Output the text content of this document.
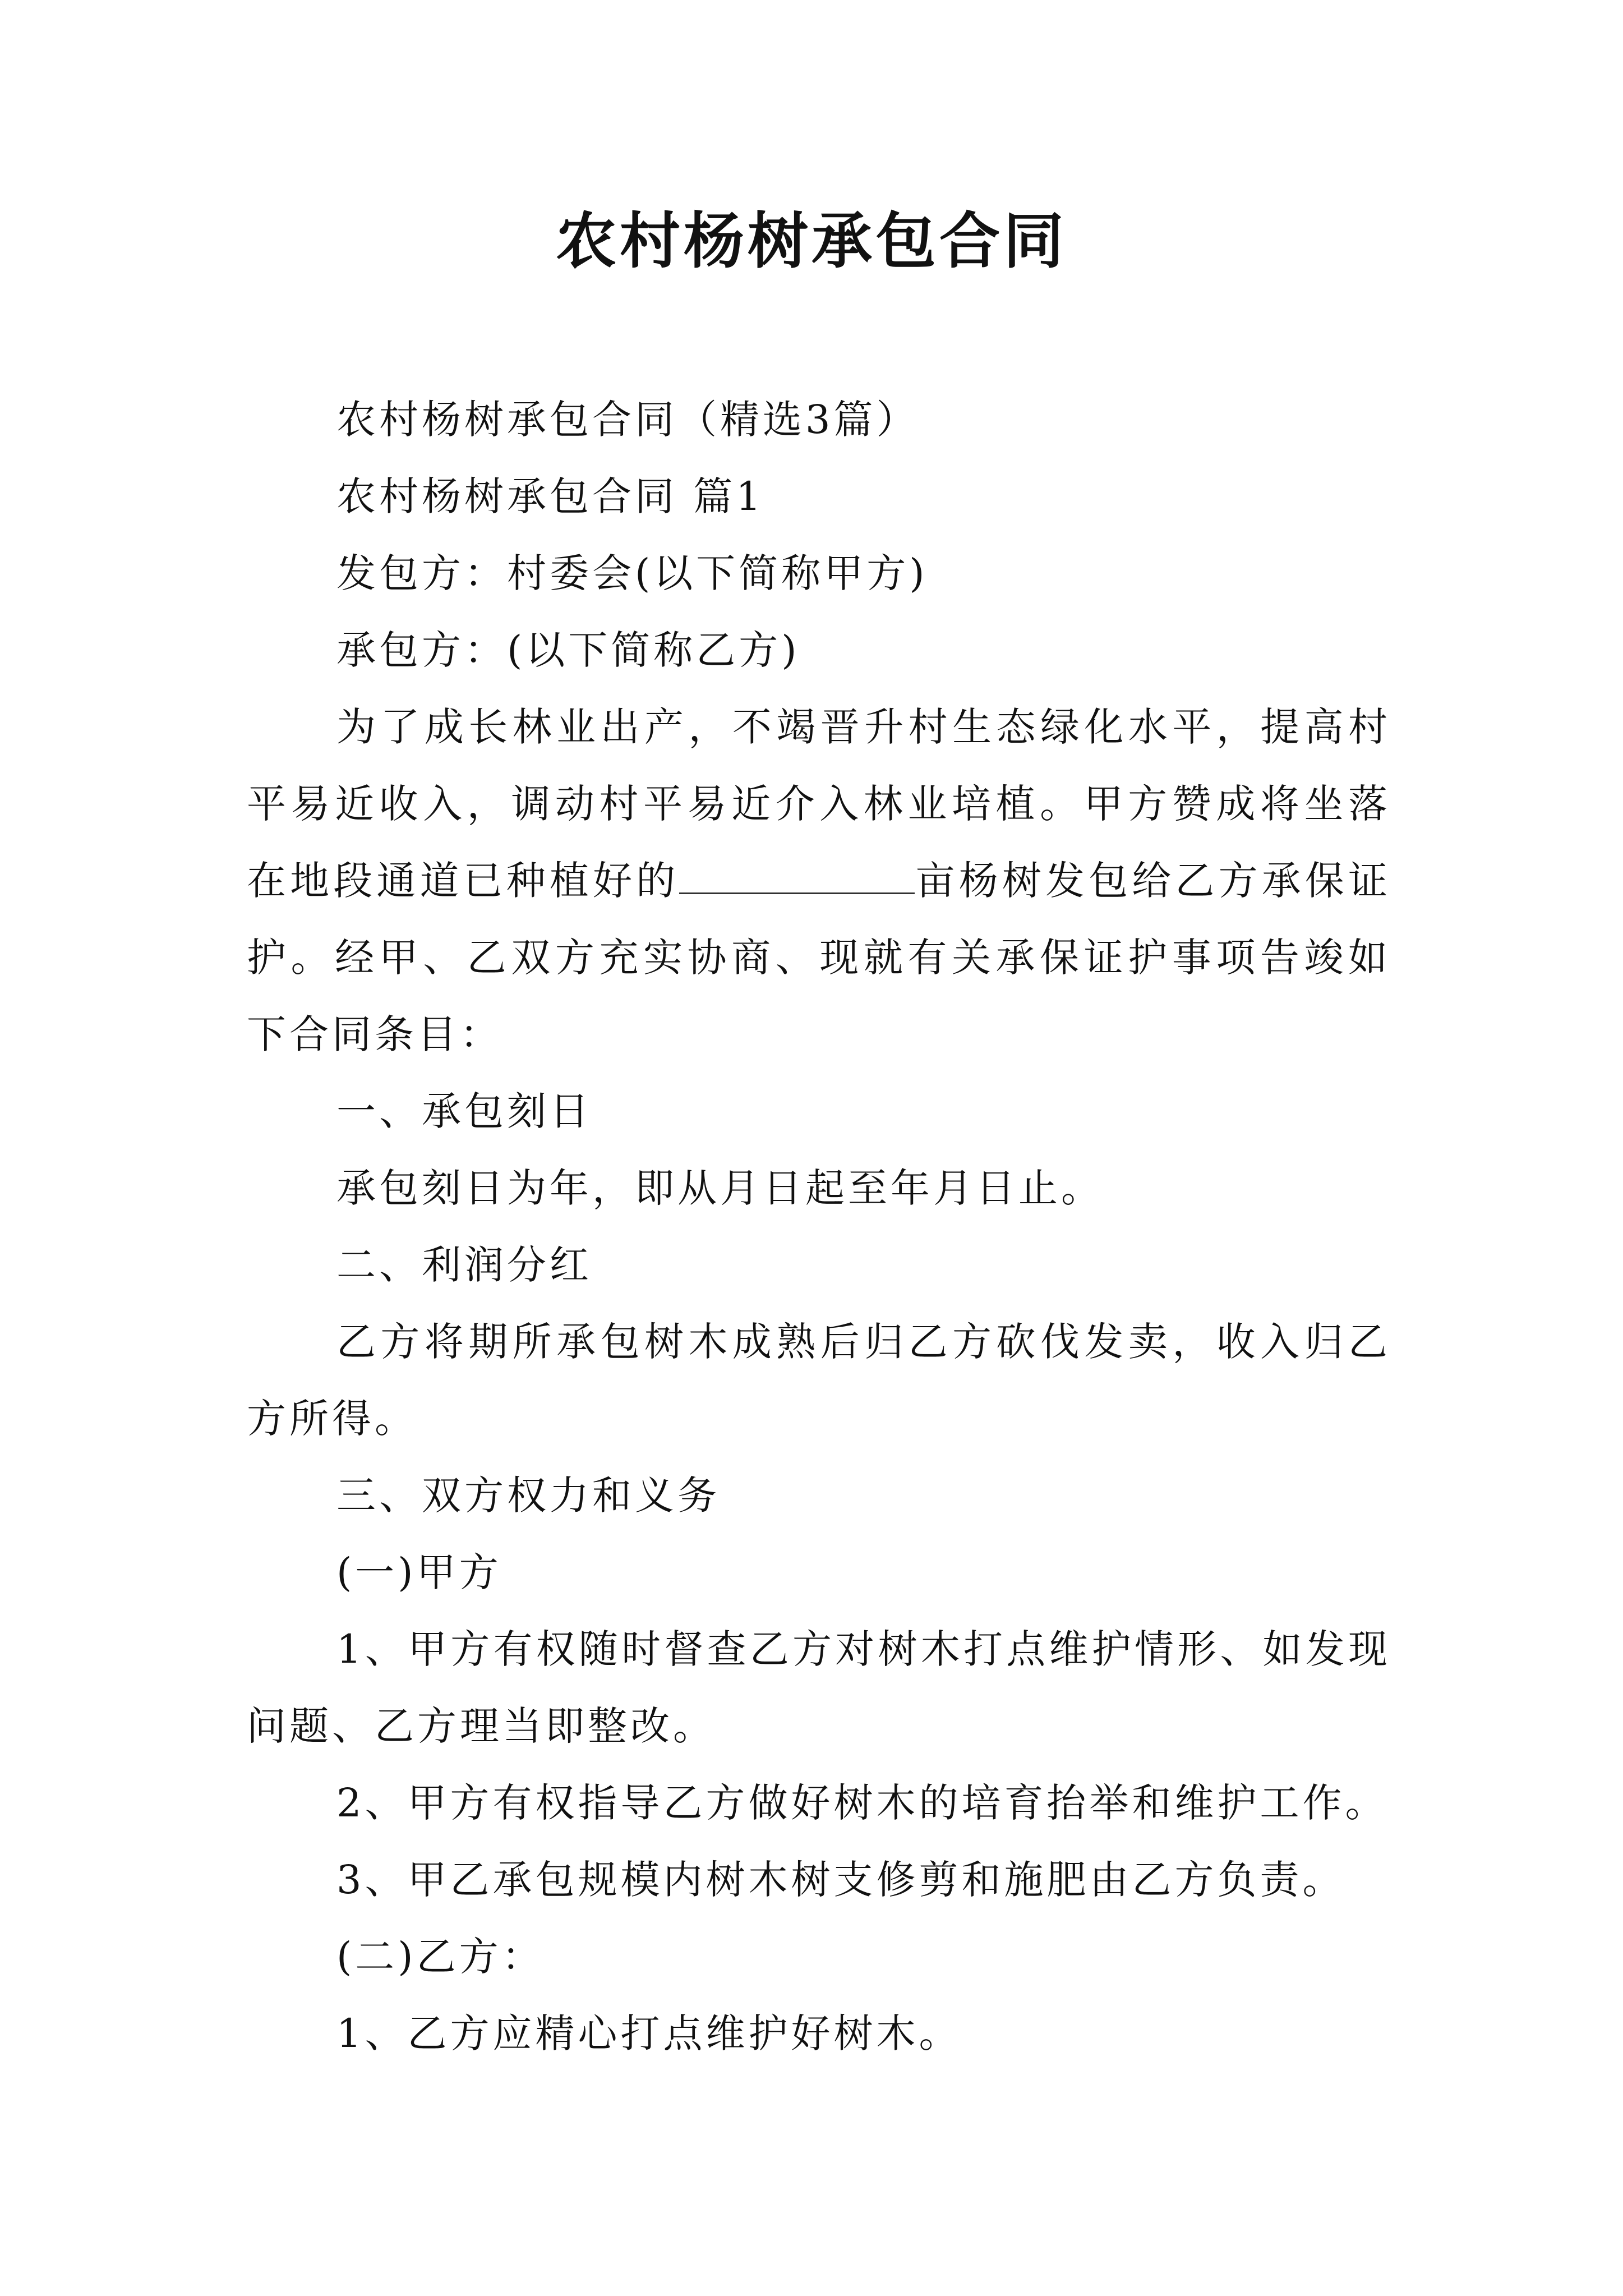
农村杨树承包合同

农村杨树承包合同（精选3篇）

农村杨树承包合同 篇1

发包方：村委会(以下简称甲方)

承包方：(以下简称乙方)

为了成长林业出产，不竭晋升村生态绿化水平，提高村平易近收入，调动村平易近介入林业培植。甲方赞成将坐落在地段通道已种植好的	亩杨树发包给乙方承保证护。经甲、乙双方充实协商、现就有关承保证护事项告竣如下合同条目：

一、承包刻日

承包刻日为年，即从月日起至年月日止。

二、利润分红

乙方将期所承包树木成熟后归乙方砍伐发卖，收入归乙方所得。

三、双方权力和义务

(一)甲方

1、甲方有权随时督查乙方对树木打点维护情形、如发现问题、乙方理当即整改。

2、甲方有权指导乙方做好树木的培育抬举和维护工作。

3、甲乙承包规模内树木树支修剪和施肥由乙方负责。

(二)乙方：

1、乙方应精心打点维护好树木。
